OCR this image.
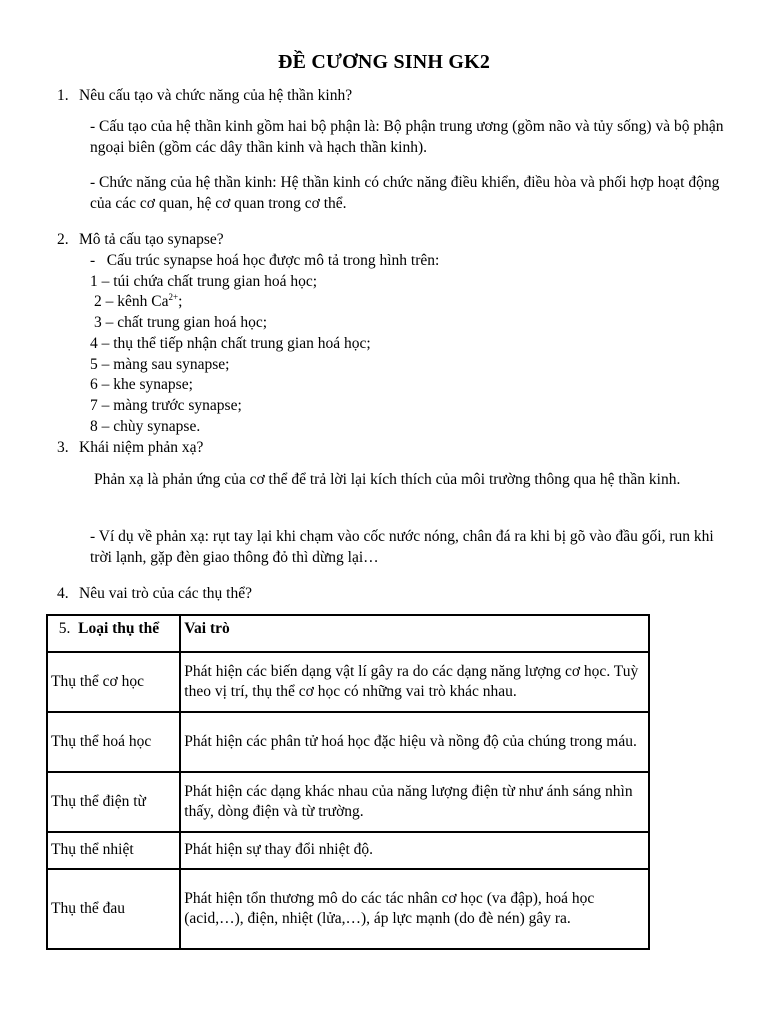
ĐỀ CƯƠNG SINH GK2
1. Nêu cấu tạo và chức năng của hệ thần kinh?
- Cấu tạo của hệ thần kinh gồm hai bộ phận là: Bộ phận trung ương (gồm não và tủy sống) và bộ phận ngoại biên (gồm các dây thần kinh và hạch thần kinh).
- Chức năng của hệ thần kinh: Hệ thần kinh có chức năng điều khiển, điều hòa và phối hợp hoạt động của các cơ quan, hệ cơ quan trong cơ thể.
2. Mô tả cấu tạo synapse?
-   Cấu trúc synapse hoá học được mô tả trong hình trên:
1 – túi chứa chất trung gian hoá học;
2 – kênh $Ca^{2+}$;
3 – chất trung gian hoá học;
4 – thụ thể tiếp nhận chất trung gian hoá học;
5 – màng sau synapse;
6 – khe synapse;
7 – màng trước synapse;
8 – chùy synapse.
3. Khái niệm phản xạ?
Phản xạ là phản ứng của cơ thể để trả lời lại kích thích của môi trường thông qua hệ thần kinh.
- Ví dụ về phản xạ: rụt tay lại khi chạm vào cốc nước nóng, chân đá ra khi bị gõ vào đầu gối, run khi trời lạnh, gặp đèn giao thông đỏ thì dừng lại…
4. Nêu vai trò của các thụ thể?
5. Loại thụ thể	Vai trò
Thụ thể cơ học	Phát hiện các biến dạng vật lí gây ra do các dạng năng lượng cơ học. Tuỳ theo vị trí, thụ thể cơ học có những vai trò khác nhau.
Thụ thể hoá học	Phát hiện các phân tử hoá học đặc hiệu và nồng độ của chúng trong máu.
Thụ thể điện từ	Phát hiện các dạng khác nhau của năng lượng điện từ như ánh sáng nhìn thấy, dòng điện và từ trường.
Thụ thể nhiệt	Phát hiện sự thay đổi nhiệt độ.
Thụ thể đau	Phát hiện tổn thương mô do các tác nhân cơ học (va đập), hoá học (acid,…), điện, nhiệt (lửa,…), áp lực mạnh (do đè nén) gây ra.
